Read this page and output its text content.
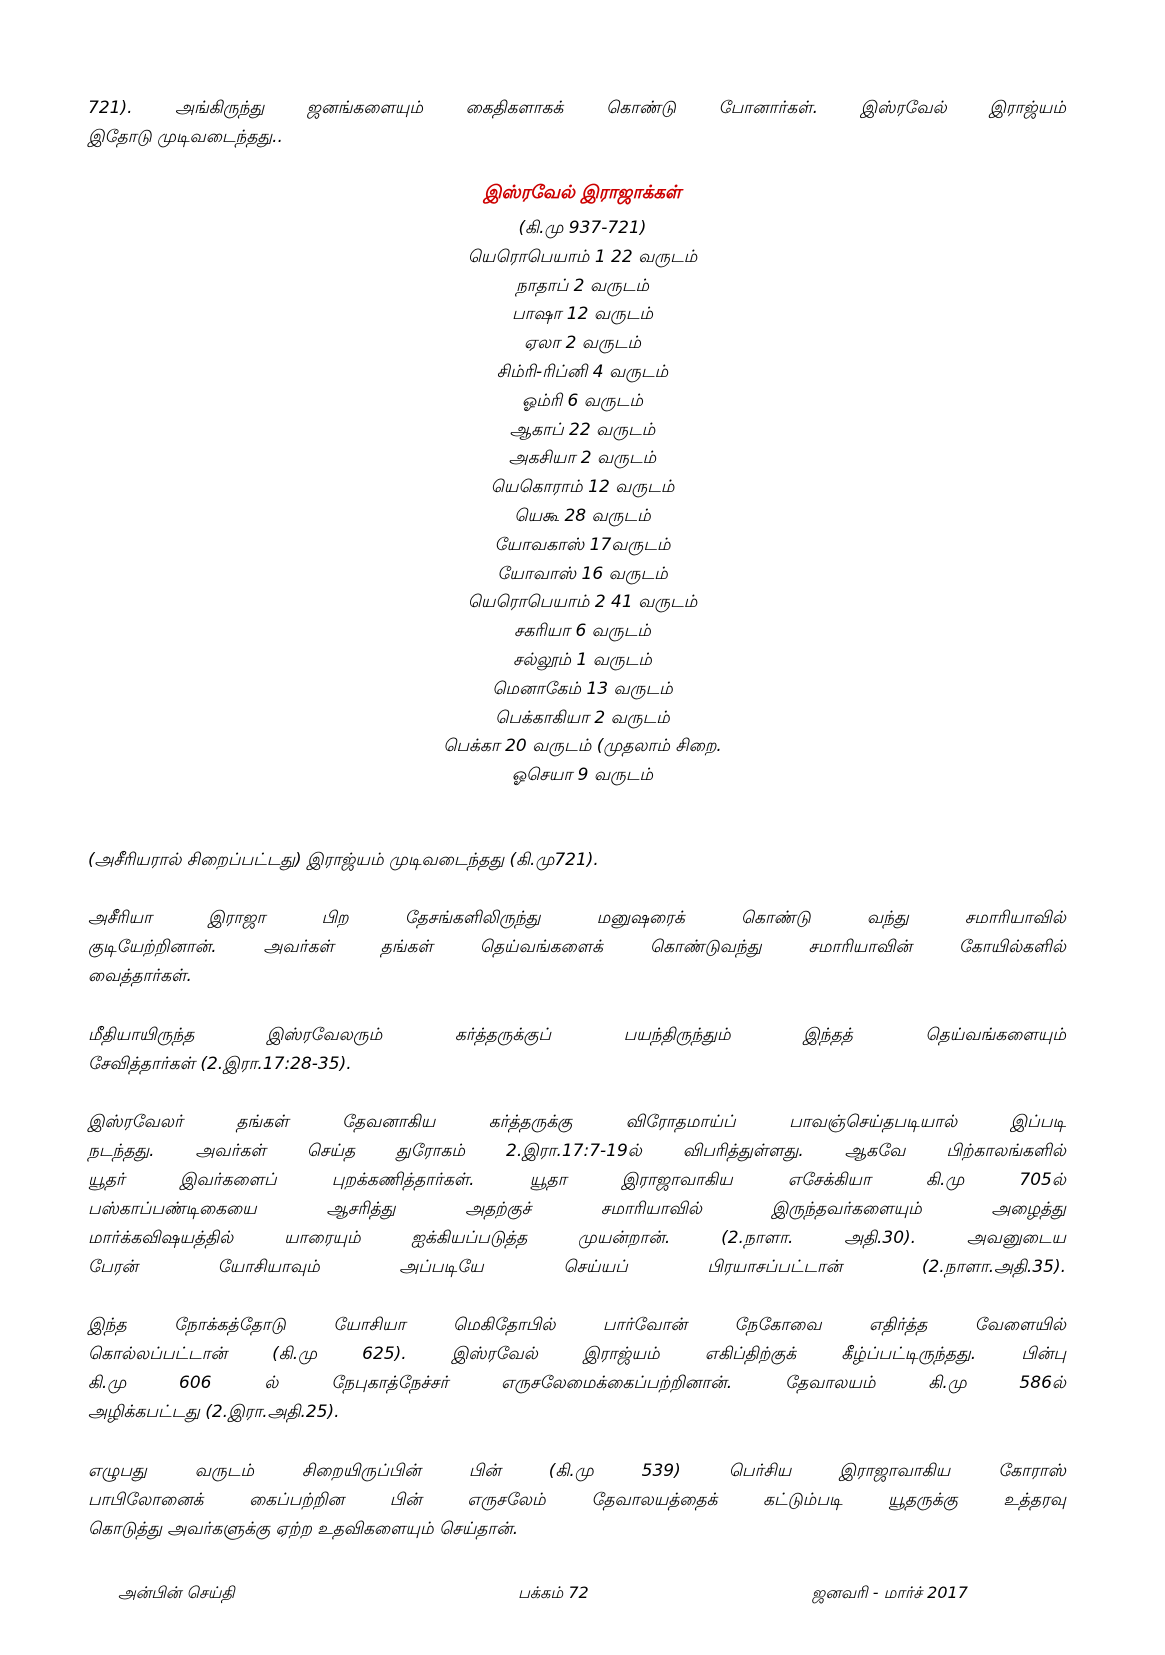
721). அங்கிருந்து ஜனங்களையும் கைதிகளாகக் கொண்டு போனார்கள். இஸ்ரவேல் இராஜ்யம்
இதோடு முடிவடைந்தது..
இஸ்ரவேல் இராஜாக்கள்
(கி.மு 937-721)
யெரொபெயாம் 1 22 வருடம்
நாதாப் 2 வருடம்
பாஷா 12 வருடம்
ஏலா 2 வருடம்
சிம்ரி-ரிப்னி 4 வருடம்
ஓம்ரி 6 வருடம்
ஆகாப் 22 வருடம்
அகசியா 2 வருடம்
யெகொராம் 12 வருடம்
யெகூ 28 வருடம்
யோவகாஸ் 17வருடம்
யோவாஸ் 16 வருடம்
யெரொபெயாம் 2 41 வருடம்
சகரியா 6 வருடம்
சல்லூம் 1 வருடம்
மெனாகேம் 13 வருடம்
பெக்காகியா 2 வருடம்
பெக்கா 20 வருடம் (முதலாம் சிறை.
ஓசெயா 9 வருடம்
(அசீரியரால் சிறைப்பட்டது) இராஜ்யம் முடிவடைந்தது (கி.மு721).
அசீரியா இராஜா பிற தேசங்களிலிருந்து மனுஷரைக் கொண்டு வந்து சமாரியாவில்
குடியேற்றினான். அவர்கள் தங்கள் தெய்வங்களைக் கொண்டுவந்து சமாரியாவின் கோயில்களில்
வைத்தார்கள்.
மீதியாயிருந்த இஸ்ரவேலரும் கர்த்தருக்குப் பயந்திருந்தும் இந்தத் தெய்வங்களையும்
சேவித்தார்கள் (2.இரா.17:28-35).
இஸ்ரவேலர் தங்கள் தேவனாகிய கர்த்தருக்கு விரோதமாய்ப் பாவஞ்செய்தபடியால் இப்படி
நடந்தது. அவர்கள் செய்த துரோகம் 2.இரா.17:7-19ல் விபரித்துள்ளது. ஆகவே பிற்காலங்களில்
யூதர் இவர்களைப் புறக்கணித்தார்கள். யூதா இராஜாவாகிய எசேக்கியா கி.மு 705ல்
பஸ்காப்பண்டிகையை ஆசரித்து அதற்குச் சமாரியாவில் இருந்தவர்களையும் அழைத்து
மார்க்கவிஷயத்தில் யாரையும் ஐக்கியப்படுத்த முயன்றான். (2.நாளா. அதி.30). அவனுடைய
பேரன் யோசியாவும் அப்படியே செய்யப் பிரயாசப்பட்டான் (2.நாளா.அதி.35).
இந்த நோக்கத்தோடு யோசியா மெகிதோபில் பார்வோன் நேகோவை எதிர்த்த வேளையில்
கொல்லப்பட்டான் (கி.மு 625). இஸ்ரவேல் இராஜ்யம் எகிப்திற்குக் கீழ்ப்பட்டிருந்தது. பின்பு
கி.மு 606 ல் நேபுகாத்நேச்சர் எருசலேமைக்கைப்பற்றினான். தேவாலயம் கி.மு 586ல்
அழிக்கபட்டது (2.இரா.அதி.25).
எழுபது வருடம் சிறையிருப்பின் பின் (கி.மு 539) பெர்சிய இராஜாவாகிய கோராஸ்
பாபிலோனைக் கைப்பற்றின பின் எருசலேம் தேவாலயத்தைக் கட்டும்படி யூதருக்கு உத்தரவு
கொடுத்து அவர்களுக்கு ஏற்ற உதவிகளையும் செய்தான்.
அன்பின் செய்தி	பக்கம் 72	ஜனவரி - மார்ச் 2017
